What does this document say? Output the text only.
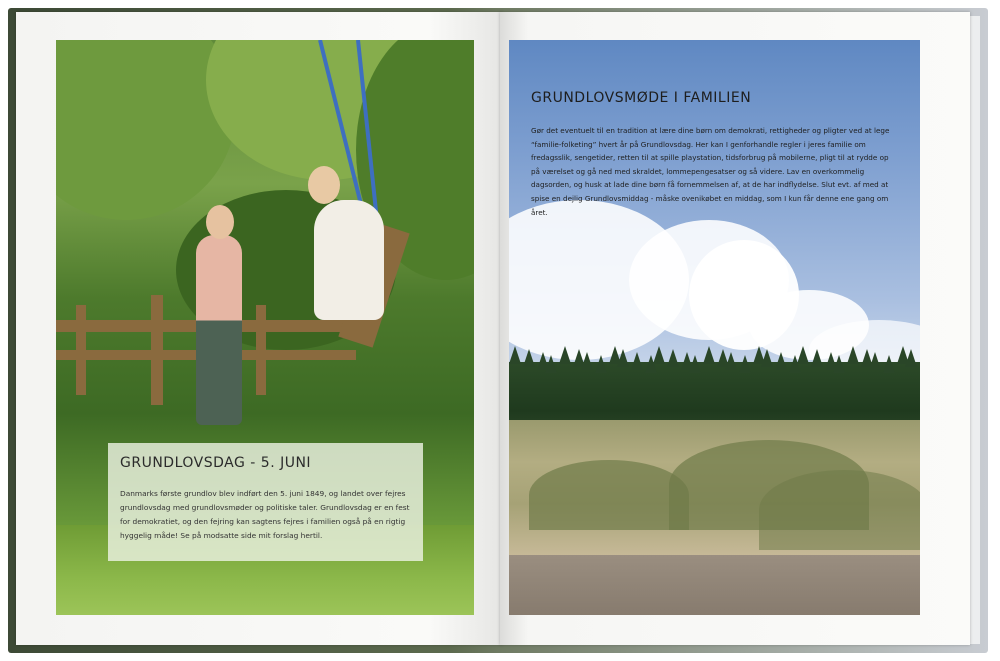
GRUNDLOVSDAG - 5. JUNI
Danmarks første grundlov blev indført den 5. juni 1849, og landet over fejres grundlovsdag med grundlovsmøder og politiske taler. Grundlovsdag er en fest for demokratiet, og den fejring kan sagtens fejres i familien også på en rigtig hyggelig måde! Se på modsatte side mit forslag hertil.
GRUNDLOVSMØDE I FAMILIEN
Gør det eventuelt til en tradition at lære dine børn om demokrati, rettigheder og pligter ved at lege “familie-folketing” hvert år på Grundlovsdag. Her kan I genforhandle regler i jeres familie om fredagsslik, sengetider, retten til at spille playstation, tidsforbrug på mobilerne, pligt til at rydde op på værelset og gå ned med skraldet, lommepengesatser og så videre. Lav en overkommelig dagsorden, og husk at lade dine børn få fornemmelsen af, at de har indflydelse. Slut evt. af med at spise en dejlig Grundlovsmiddag - måske ovenikøbet en middag, som I kun får denne ene gang om året.
